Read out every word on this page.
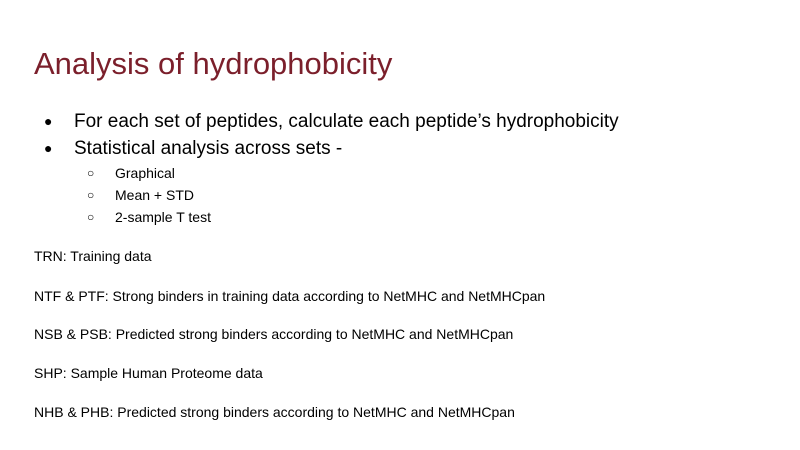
Analysis of hydrophobicity
● For each set of peptides, calculate each peptide’s hydrophobicity
● Statistical analysis across sets -
○ Graphical
○ Mean + STD
○ 2-sample T test
TRN: Training data
NTF & PTF: Strong binders in training data according to NetMHC and NetMHCpan
NSB & PSB: Predicted strong binders according to NetMHC and NetMHCpan
SHP: Sample Human Proteome data
NHB & PHB: Predicted strong binders according to NetMHC and NetMHCpan
